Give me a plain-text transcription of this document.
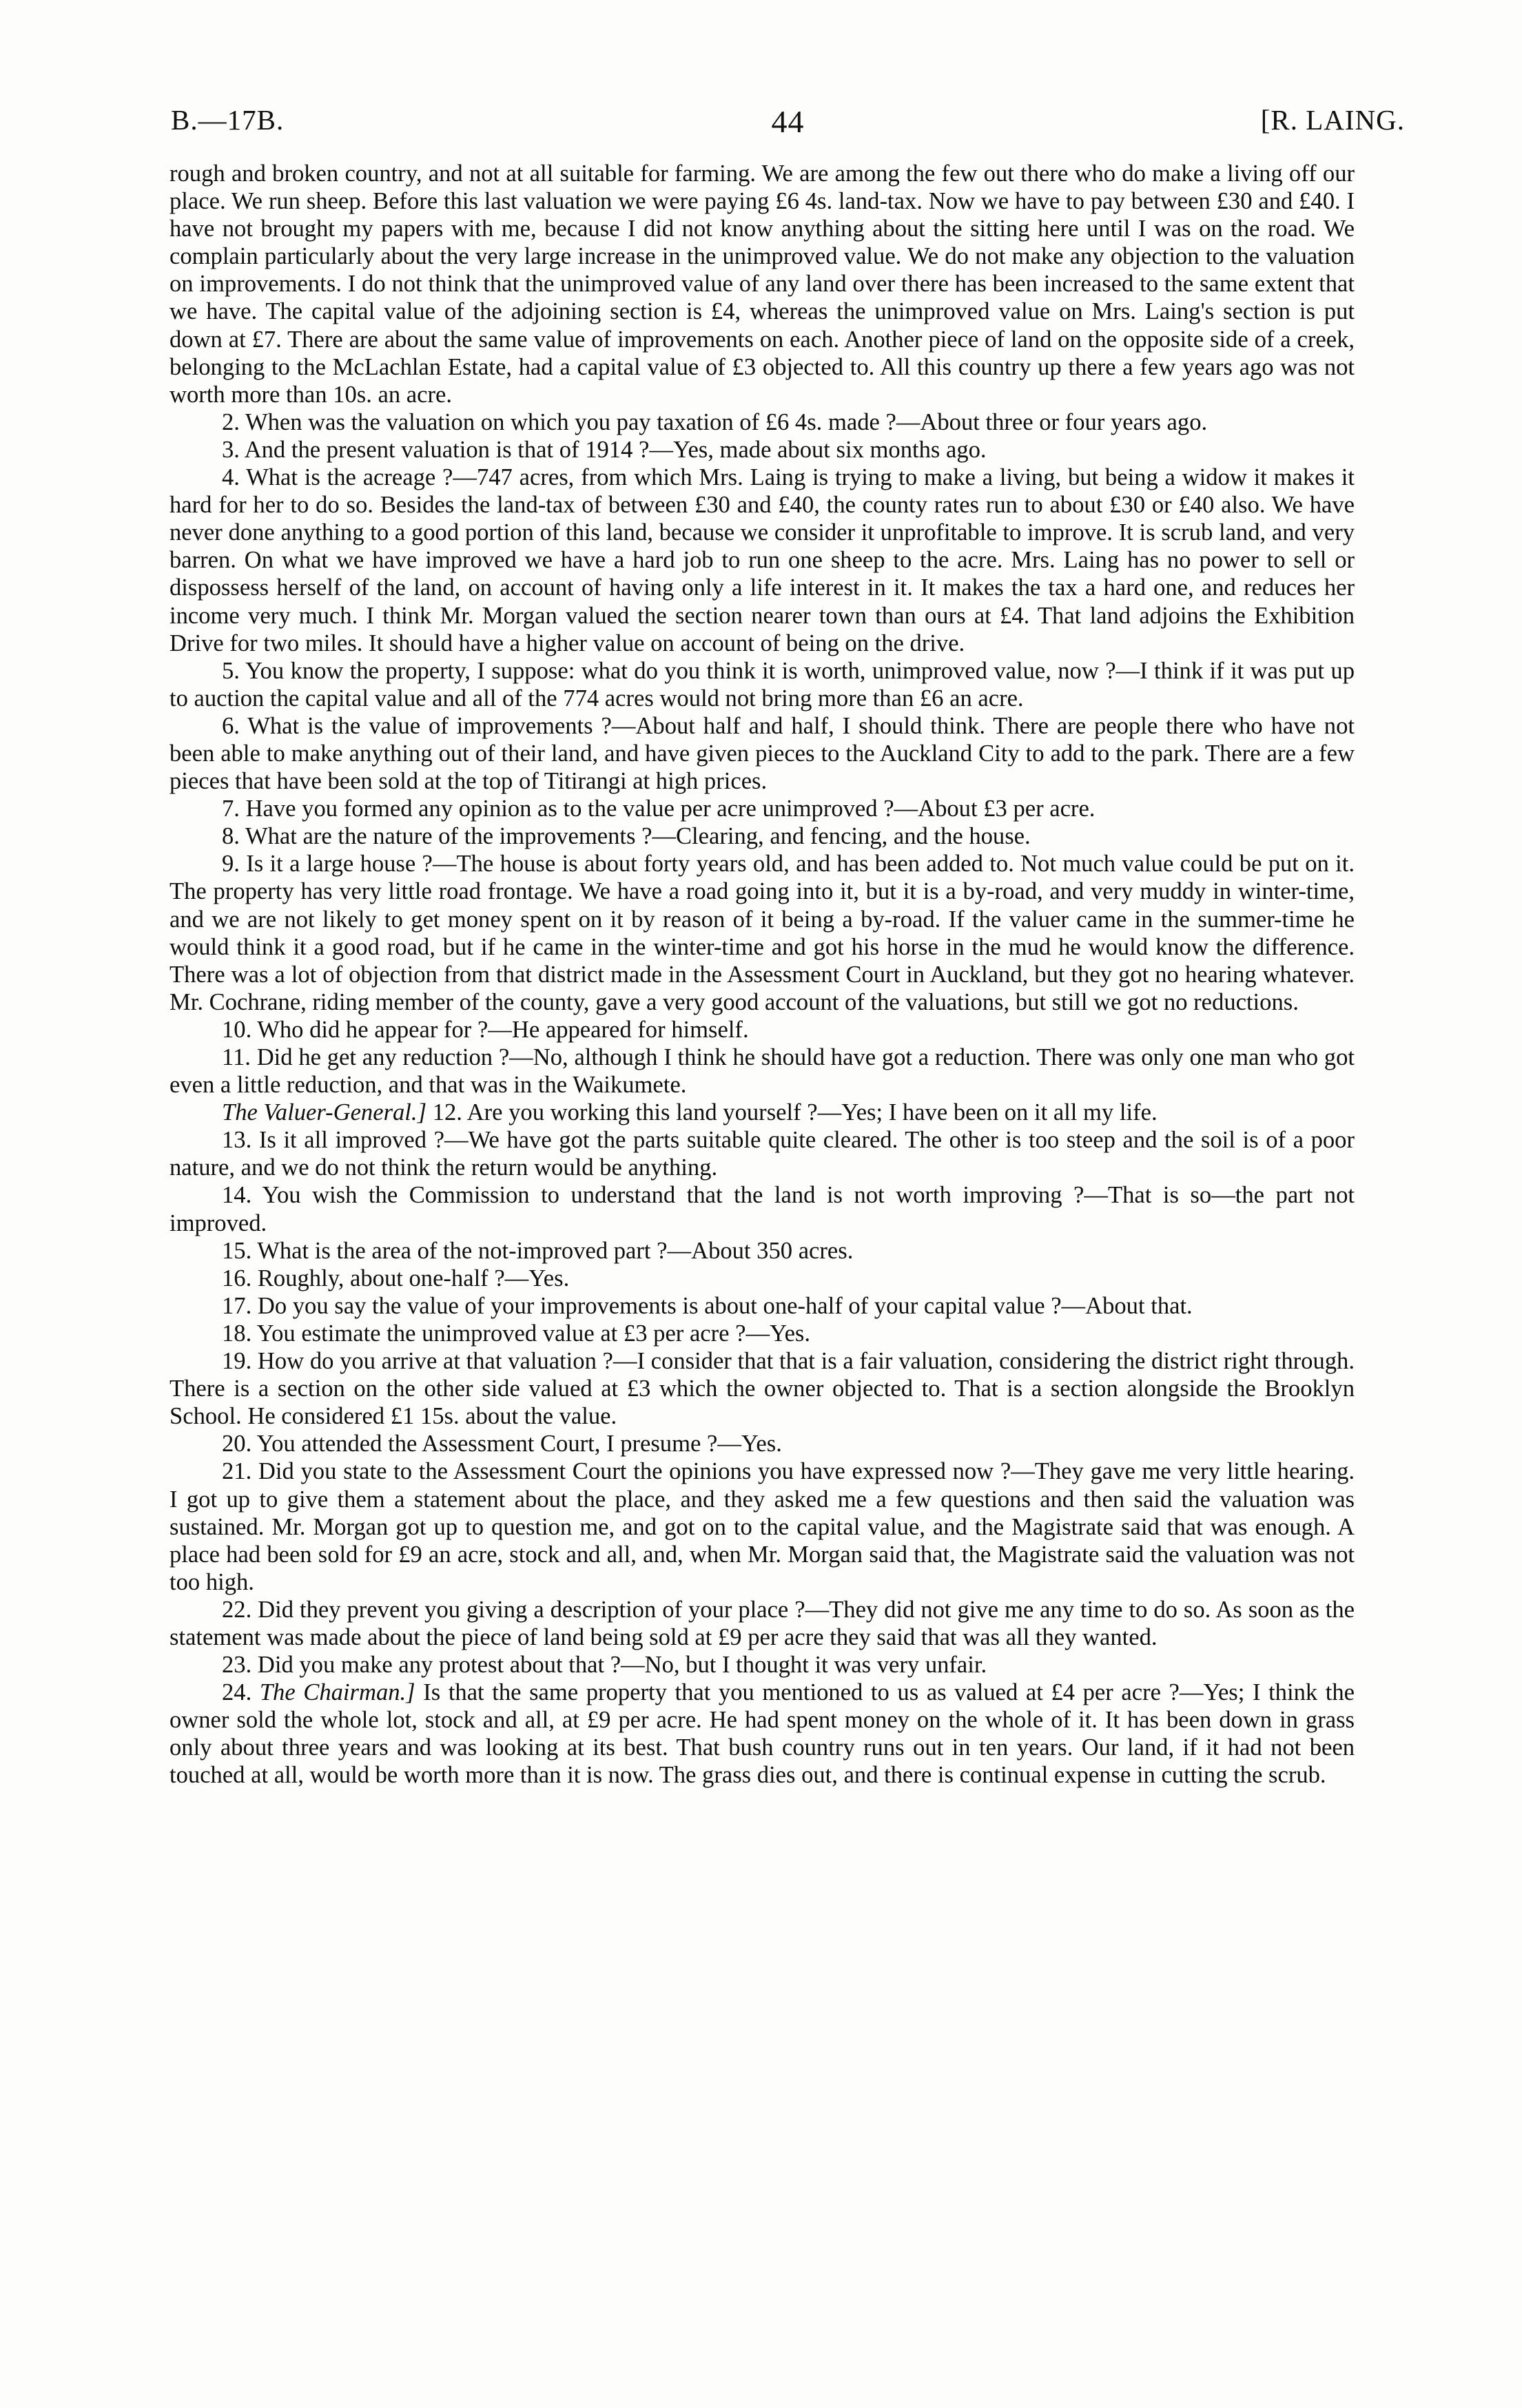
B.—17B.	44	[R. LAING.

rough and broken country, and not at all suitable for farming. We are among the few out there who do make a living off our place. We run sheep. Before this last valuation we were paying £6 4s. land-tax. Now we have to pay between £30 and £40. I have not brought my papers with me, because I did not know anything about the sitting here until I was on the road. We complain particularly about the very large increase in the unimproved value. We do not make any objection to the valuation on improvements. I do not think that the unimproved value of any land over there has been increased to the same extent that we have. The capital value of the adjoining section is £4, whereas the unimproved value on Mrs. Laing's section is put down at £7. There are about the same value of improvements on each. Another piece of land on the opposite side of a creek, belonging to the McLachlan Estate, had a capital value of £3 objected to. All this country up there a few years ago was not worth more than 10s. an acre.

2. When was the valuation on which you pay taxation of £6 4s. made ?—About three or four years ago.

3. And the present valuation is that of 1914 ?—Yes, made about six months ago.

4. What is the acreage ?—747 acres, from which Mrs. Laing is trying to make a living, but being a widow it makes it hard for her to do so. Besides the land-tax of between £30 and £40, the county rates run to about £30 or £40 also. We have never done anything to a good portion of this land, because we consider it unprofitable to improve. It is scrub land, and very barren. On what we have improved we have a hard job to run one sheep to the acre. Mrs. Laing has no power to sell or dispossess herself of the land, on account of having only a life interest in it. It makes the tax a hard one, and reduces her income very much. I think Mr. Morgan valued the section nearer town than ours at £4. That land adjoins the Exhibition Drive for two miles. It should have a higher value on account of being on the drive.

5. You know the property, I suppose: what do you think it is worth, unimproved value, now ?—I think if it was put up to auction the capital value and all of the 774 acres would not bring more than £6 an acre.

6. What is the value of improvements ?—About half and half, I should think. There are people there who have not been able to make anything out of their land, and have given pieces to the Auckland City to add to the park. There are a few pieces that have been sold at the top of Titirangi at high prices.

7. Have you formed any opinion as to the value per acre unimproved ?—About £3 per acre.

8. What are the nature of the improvements ?—Clearing, and fencing, and the house.

9. Is it a large house ?—The house is about forty years old, and has been added to. Not much value could be put on it. The property has very little road frontage. We have a road going into it, but it is a by-road, and very muddy in winter-time, and we are not likely to get money spent on it by reason of it being a by-road. If the valuer came in the summer-time he would think it a good road, but if he came in the winter-time and got his horse in the mud he would know the difference. There was a lot of objection from that district made in the Assessment Court in Auckland, but they got no hearing whatever. Mr. Cochrane, riding member of the county, gave a very good account of the valuations, but still we got no reductions.

10. Who did he appear for ?—He appeared for himself.

11. Did he get any reduction ?—No, although I think he should have got a reduction. There was only one man who got even a little reduction, and that was in the Waikumete.

The Valuer-General.] 12. Are you working this land yourself ?—Yes; I have been on it all my life.

13. Is it all improved ?—We have got the parts suitable quite cleared. The other is too steep and the soil is of a poor nature, and we do not think the return would be anything.

14. You wish the Commission to understand that the land is not worth improving ?—That is so—the part not improved.

15. What is the area of the not-improved part ?—About 350 acres.

16. Roughly, about one-half ?—Yes.

17. Do you say the value of your improvements is about one-half of your capital value ?—About that.

18. You estimate the unimproved value at £3 per acre ?—Yes.

19. How do you arrive at that valuation ?—I consider that that is a fair valuation, considering the district right through. There is a section on the other side valued at £3 which the owner objected to. That is a section alongside the Brooklyn School. He considered £1 15s. about the value.

20. You attended the Assessment Court, I presume ?—Yes.

21. Did you state to the Assessment Court the opinions you have expressed now ?—They gave me very little hearing. I got up to give them a statement about the place, and they asked me a few questions and then said the valuation was sustained. Mr. Morgan got up to question me, and got on to the capital value, and the Magistrate said that was enough. A place had been sold for £9 an acre, stock and all, and, when Mr. Morgan said that, the Magistrate said the valuation was not too high.

22. Did they prevent you giving a description of your place ?—They did not give me any time to do so. As soon as the statement was made about the piece of land being sold at £9 per acre they said that was all they wanted.

23. Did you make any protest about that ?—No, but I thought it was very unfair.

24. The Chairman.] Is that the same property that you mentioned to us as valued at £4 per acre ?—Yes; I think the owner sold the whole lot, stock and all, at £9 per acre. He had spent money on the whole of it. It has been down in grass only about three years and was looking at its best. That bush country runs out in ten years. Our land, if it had not been touched at all, would be worth more than it is now. The grass dies out, and there is continual expense in cutting the scrub.
